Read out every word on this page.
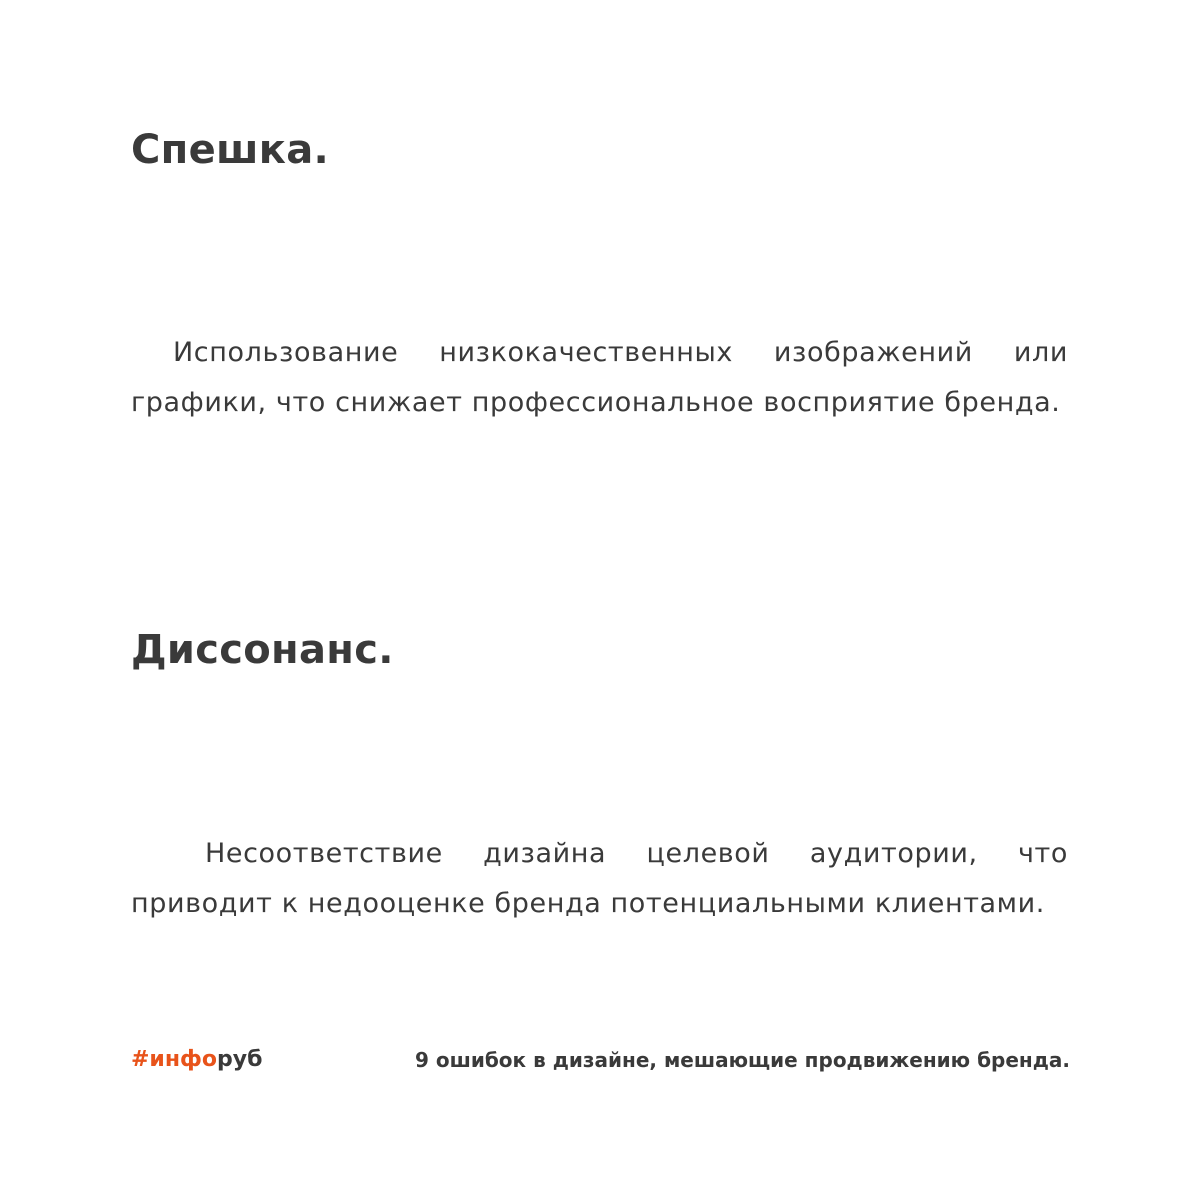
Спешка.

Использование низкокачественных изображений или графики, что снижает профессиональное восприятие бренда.

Диссонанс.

Несоответствие дизайна целевой аудитории, что приводит к недооценке бренда потенциальными клиентами.

#инфоруб	9 ошибок в дизайне, мешающие продвижению бренда.
